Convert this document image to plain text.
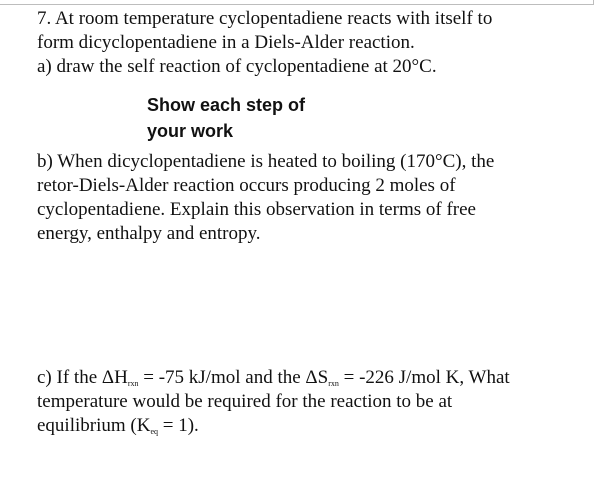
7. At room temperature cyclopentadiene reacts with itself to
form dicyclopentadiene in a Diels-Alder reaction.
a) draw the self reaction of cyclopentadiene at 20°C.
Show each step of
your work
b) When dicyclopentadiene is heated to boiling (170°C), the
retor-Diels-Alder reaction occurs producing 2 moles of
cyclopentadiene. Explain this observation in terms of free
energy, enthalpy and entropy.
c) If the $\Delta H_{rxn} = -75$ kJ/mol and the $\Delta S_{rxn} = -226$ J/mol K, What
temperature would be required for the reaction to be at
equilibrium $(K_{eq} = 1)$.
